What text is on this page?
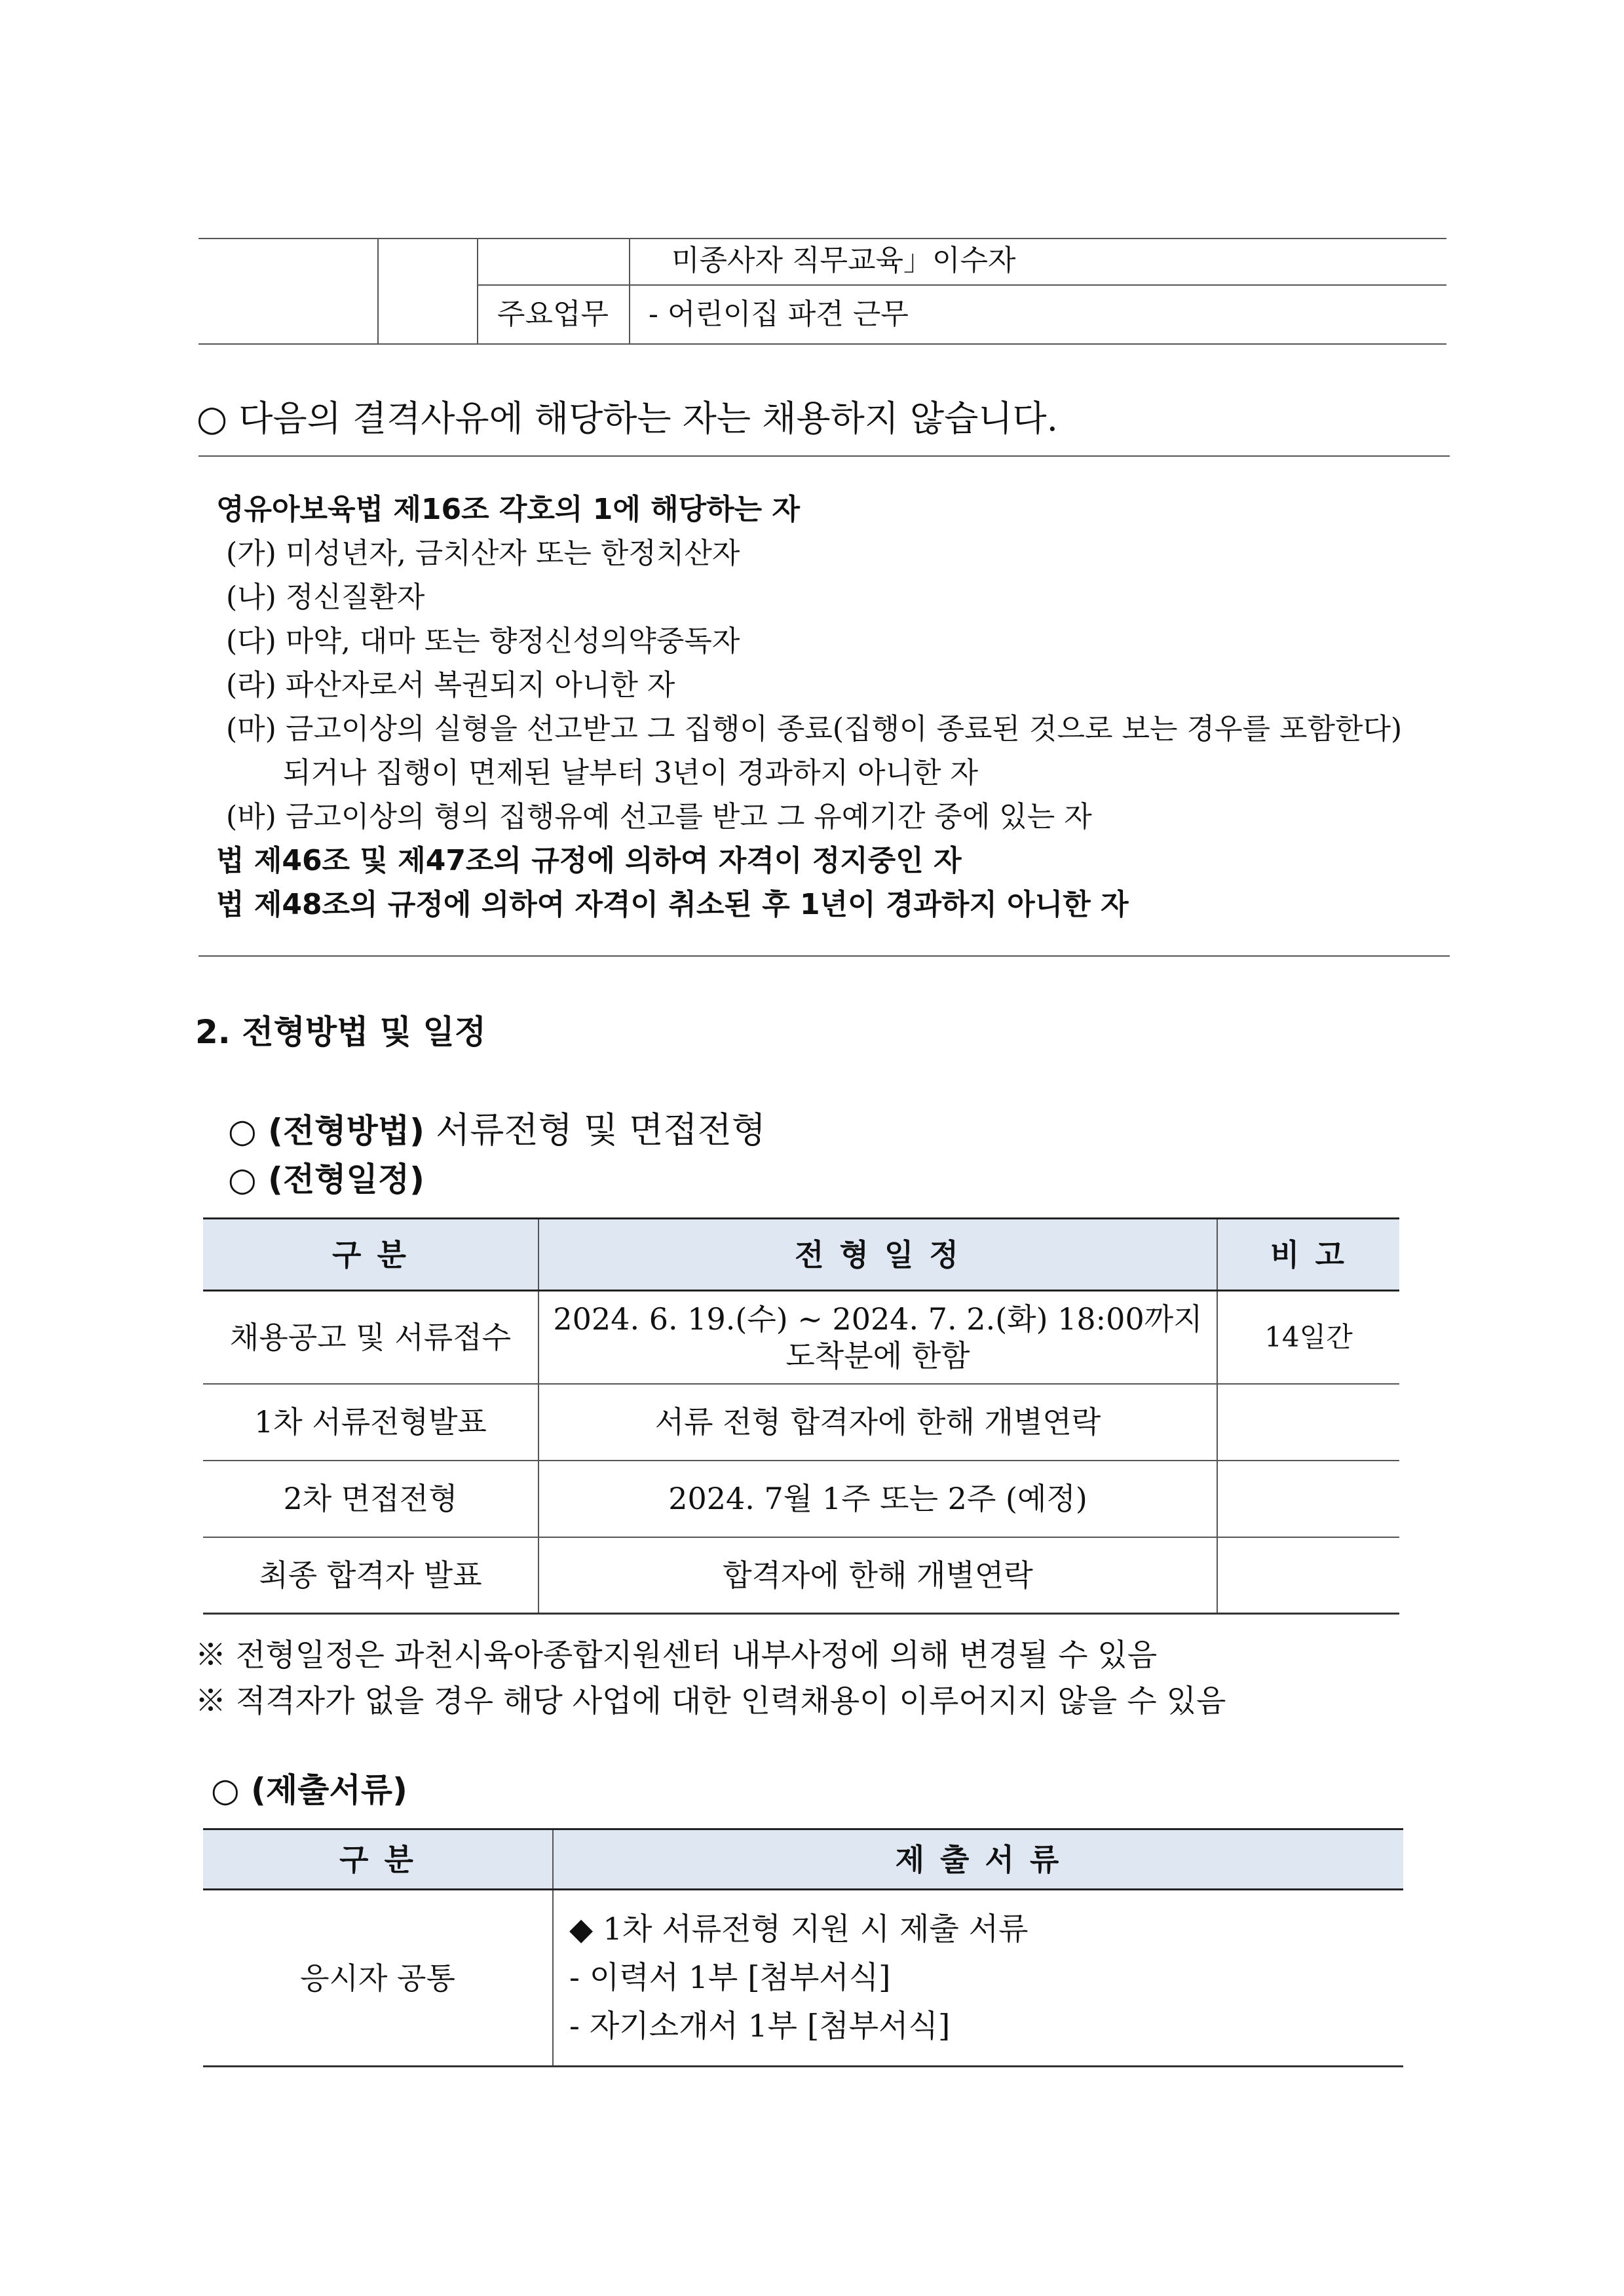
미종사자 직무교육」이수자
주요업무	- 어린이집 파견 근무
○ 다음의 결격사유에 해당하는 자는 채용하지 않습니다.
영유아보육법 제16조 각호의 1에 해당하는 자
(가) 미성년자, 금치산자 또는 한정치산자
(나) 정신질환자
(다) 마약, 대마 또는 향정신성의약중독자
(라) 파산자로서 복권되지 아니한 자
(마) 금고이상의 실형을 선고받고 그 집행이 종료(집행이 종료된 것으로 보는 경우를 포함한다)
되거나 집행이 면제된 날부터 3년이 경과하지 아니한 자
(바) 금고이상의 형의 집행유예 선고를 받고 그 유예기간 중에 있는 자
법 제46조 및 제47조의 규정에 의하여 자격이 정지중인 자
법 제48조의 규정에 의하여 자격이 취소된 후 1년이 경과하지 아니한 자
2. 전형방법 및 일정
○ (전형방법) 서류전형 및 면접전형
○ (전형일정)
구 분	전 형 일 정	비 고
채용공고 및 서류접수	2024. 6. 19.(수) ~ 2024. 7. 2.(화) 18:00까지
도착분에 한함	14일간
1차 서류전형발표	서류 전형 합격자에 한해 개별연락	
2차 면접전형	2024. 7월 1주 또는 2주 (예정)	
최종 합격자 발표	합격자에 한해 개별연락	
※ 전형일정은 과천시육아종합지원센터 내부사정에 의해 변경될 수 있음
※ 적격자가 없을 경우 해당 사업에 대한 인력채용이 이루어지지 않을 수 있음
○ (제출서류)
구 분	제 출 서 류
응시자 공통	◆ 1차 서류전형 지원 시 제출 서류
- 이력서 1부 [첨부서식]
- 자기소개서 1부 [첨부서식]
